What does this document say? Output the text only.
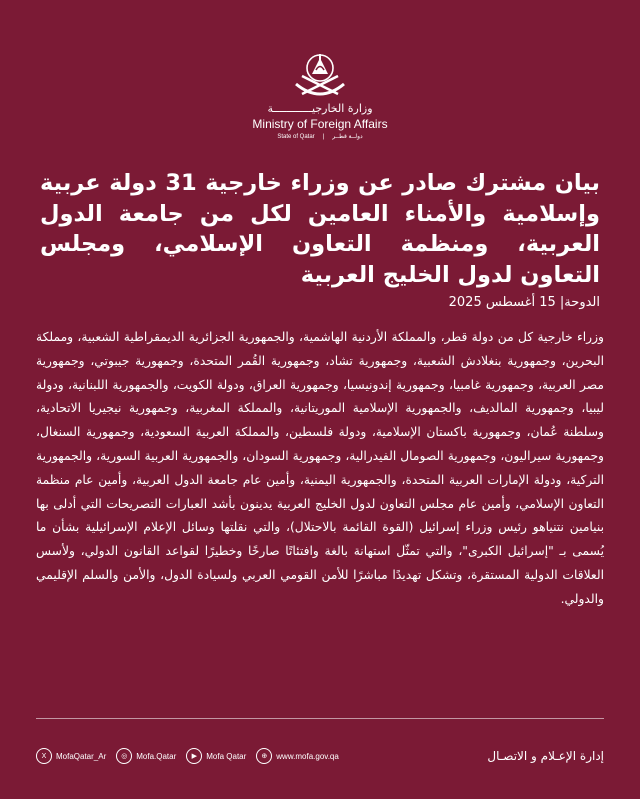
وزارة الخارجيــــــــــــة
Ministry of Foreign Affairs
State of Qatar | دولــة قطــر
بيان مشترك صادر عن وزراء خارجية 31 دولة عربية وإسلامية والأمناء العامين لكل من جامعة الدول العربية، ومنظمة التعاون الإسلامي، ومجلس التعاون لدول الخليج العربية
الدوحة| 15 أغسطس 2025

وزراء خارجية كل من دولة قطر، والمملكة الأردنية الهاشمية، والجمهورية الجزائرية الديمقراطية الشعبية، ومملكة البحرين، وجمهورية بنغلادش الشعبية، وجمهورية تشاد، وجمهورية القُمر المتحدة، وجمهورية جيبوتي، وجمهورية مصر العربية، وجمهورية غامبيا، وجمهورية إندونيسيا، وجمهورية العراق، ودولة الكويت، والجمهورية اللبنانية، ودولة ليبيا، وجمهورية المالديف، والجمهورية الإسلامية الموريتانية، والمملكة المغربية، وجمهورية نيجيريا الاتحادية، وسلطنة عُمان، وجمهورية باكستان الإسلامية، ودولة فلسطين، والمملكة العربية السعودية، وجمهورية السنغال، وجمهورية سيراليون، وجمهورية الصومال الفيدرالية، وجمهورية السودان، والجمهورية العربية السورية، والجمهورية التركية، ودولة الإمارات العربية المتحدة، والجمهورية اليمنية، وأمين عام جامعة الدول العربية، وأمين عام منظمة التعاون الإسلامي، وأمين عام مجلس التعاون لدول الخليج العربية يدينون بأشد العبارات التصريحات التي أدلى بها بنيامين نتنياهو رئيس وزراء إسرائيل (القوة القائمة بالاحتلال)، والتي نقلتها وسائل الإعلام الإسرائيلية بشأن ما يُسمى بـ "إسرائيل الكبرى"، والتي تمثّل استهانة بالغة وافتئاتًا صارخًا وخطيرًا لقواعد القانون الدولي، ولأسس العلاقات الدولية المستقرة، وتشكل تهديدًا مباشرًا للأمن القومي العربي ولسيادة الدول، والأمن والسلم الإقليمي والدولي.

X	MofaQatar_Ar	◎	Mofa.Qatar	▶	Mofa Qatar	⊕	www.mofa.gov.qa	إدارة الإعـلام و الاتصـال
